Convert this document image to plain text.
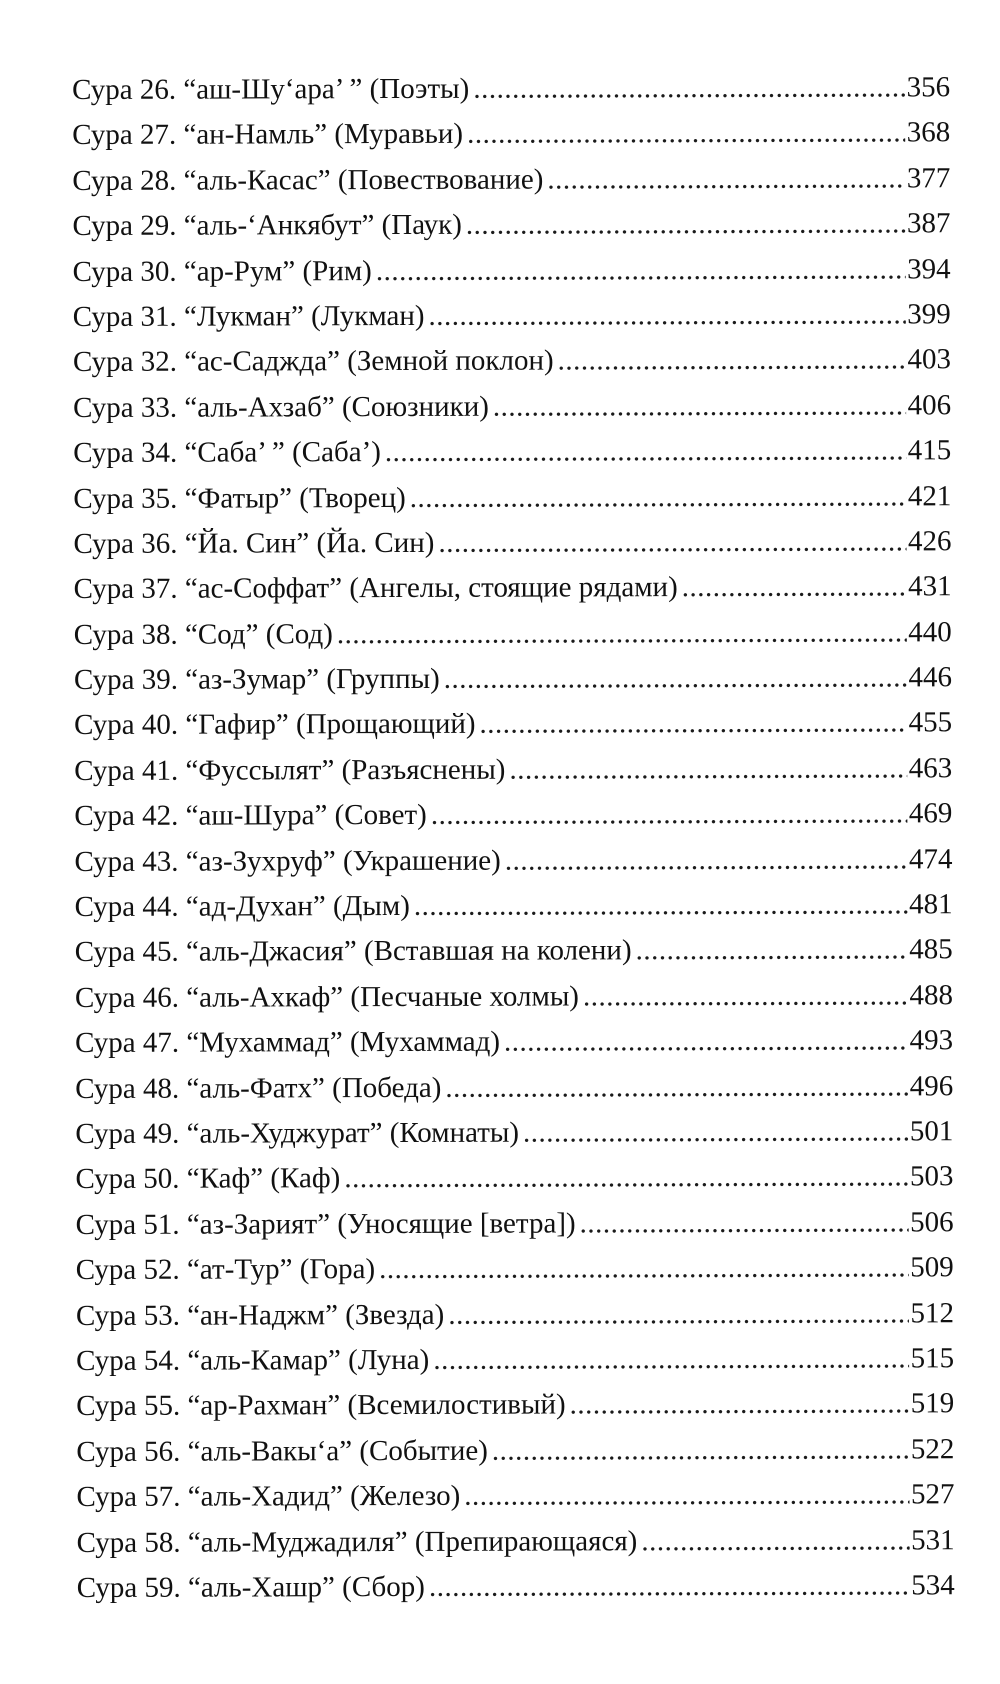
Сура 26. “аш-Шу‘ара’ ” (Поэты) .....	356
Сура 27. “ан-Намль” (Муравьи) .....	368
Сура 28. “аль-Касас” (Повествование) .....	377
Сура 29. “аль-‘Анкябут” (Паук) .....	387
Сура 30. “ар-Рум” (Рим) .....	394
Сура 31. “Лукман” (Лукман) .....	399
Сура 32. “ас-Саджда” (Земной поклон) .....	403
Сура 33. “аль-Ахзаб” (Союзники) .....	406
Сура 34. “Саба’ ” (Саба’) .....	415
Сура 35. “Фатыр” (Творец) .....	421
Сура 36. “Йа. Син” (Йа. Син) .....	426
Сура 37. “ас-Соффат” (Ангелы, стоящие рядами) .....	431
Сура 38. “Сод” (Сод) .....	440
Сура 39. “аз-Зумар” (Группы) .....	446
Сура 40. “Гафир” (Прощающий) .....	455
Сура 41. “Фуссылят” (Разъяснены) .....	463
Сура 42. “аш-Шура” (Совет) .....	469
Сура 43. “аз-Зухруф” (Украшение) .....	474
Сура 44. “ад-Духан” (Дым) .....	481
Сура 45. “аль-Джасия” (Вставшая на колени) .....	485
Сура 46. “аль-Ахкаф” (Песчаные холмы) .....	488
Сура 47. “Мухаммад” (Мухаммад) .....	493
Сура 48. “аль-Фатх” (Победа) .....	496
Сура 49. “аль-Худжурат” (Комнаты) .....	501
Сура 50. “Каф” (Каф) .....	503
Сура 51. “аз-Зарият” (Уносящие [ветра]) .....	506
Сура 52. “ат-Тур” (Гора) .....	509
Сура 53. “ан-Наджм” (Звезда) .....	512
Сура 54. “аль-Камар” (Луна) .....	515
Сура 55. “ар-Рахман” (Всемилостивый) .....	519
Сура 56. “аль-Вакы‘а” (Событие) .....	522
Сура 57. “аль-Хадид” (Железо) .....	527
Сура 58. “аль-Муджадиля” (Препирающаяся) .....	531
Сура 59. “аль-Хашр” (Сбор) .....	534
